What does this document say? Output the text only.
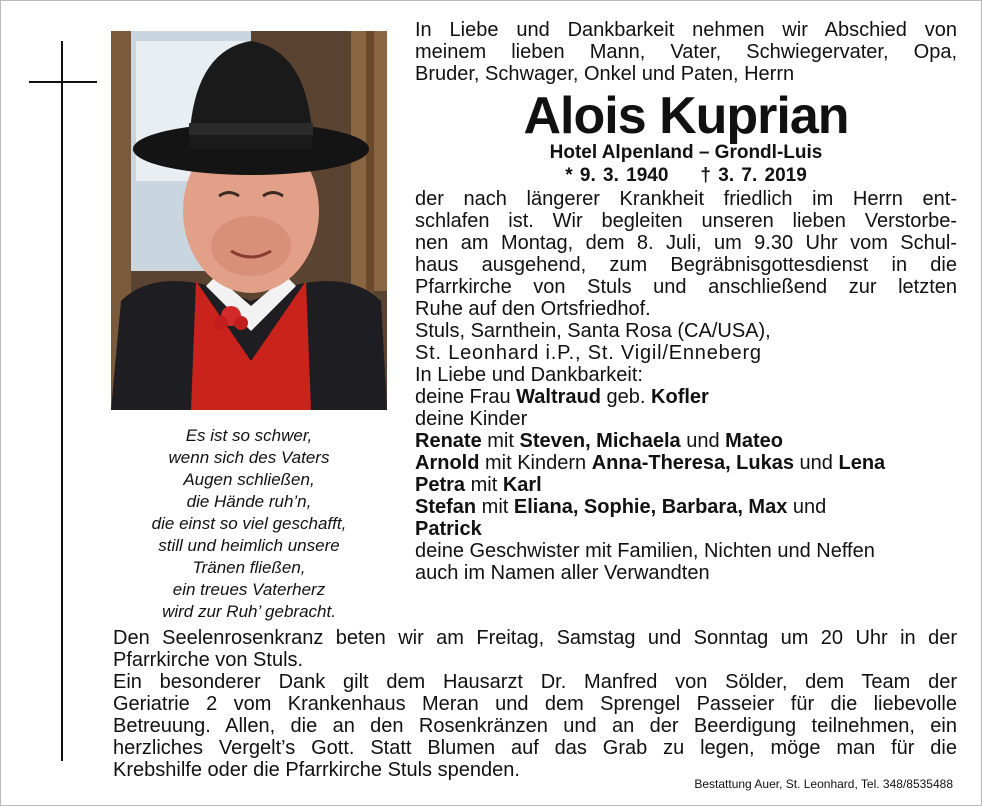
Es ist so schwer,
wenn sich des Vaters
Augen schließen,
die Hände ruh’n,
die einst so viel geschafft,
still und heimlich unsere
Tränen fließen,
ein treues Vaterherz
wird zur Ruh’ gebracht.
In Liebe und Dankbarkeit nehmen wir Abschied von
meinem lieben Mann, Vater, Schwiegervater, Opa,
Bruder, Schwager, Onkel und Paten, Herrn
Alois Kuprian
Hotel Alpenland – Grondl-Luis
* 9. 3. 1940 † 3. 7. 2019
der nach längerer Krankheit friedlich im Herrn ent-
schlafen ist. Wir begleiten unseren lieben Verstorbe-
nen am Montag, dem 8. Juli, um 9.30 Uhr vom Schul-
haus ausgehend, zum Begräbnisgottesdienst in die
Pfarrkirche von Stuls und anschließend zur letzten
Ruhe auf den Ortsfriedhof.
Stuls, Sarnthein, Santa Rosa (CA/USA),
St. Leonhard i.P., St. Vigil/Enneberg
In Liebe und Dankbarkeit:
deine Frau Waltraud geb. Kofler
deine Kinder
Renate mit Steven, Michaela und Mateo
Arnold mit Kindern Anna-Theresa, Lukas und Lena
Petra mit Karl
Stefan mit Eliana, Sophie, Barbara, Max und
Patrick
deine Geschwister mit Familien, Nichten und Neffen
auch im Namen aller Verwandten
Den Seelenrosenkranz beten wir am Freitag, Samstag und Sonntag um 20 Uhr in der
Pfarrkirche von Stuls.
Ein besonderer Dank gilt dem Hausarzt Dr. Manfred von Sölder, dem Team der
Geriatrie 2 vom Krankenhaus Meran und dem Sprengel Passeier für die liebevolle
Betreuung. Allen, die an den Rosenkränzen und an der Beerdigung teilnehmen, ein
herzliches Vergelt’s Gott. Statt Blumen auf das Grab zu legen, möge man für die
Krebshilfe oder die Pfarrkirche Stuls spenden.
Bestattung Auer, St. Leonhard, Tel. 348/8535488
